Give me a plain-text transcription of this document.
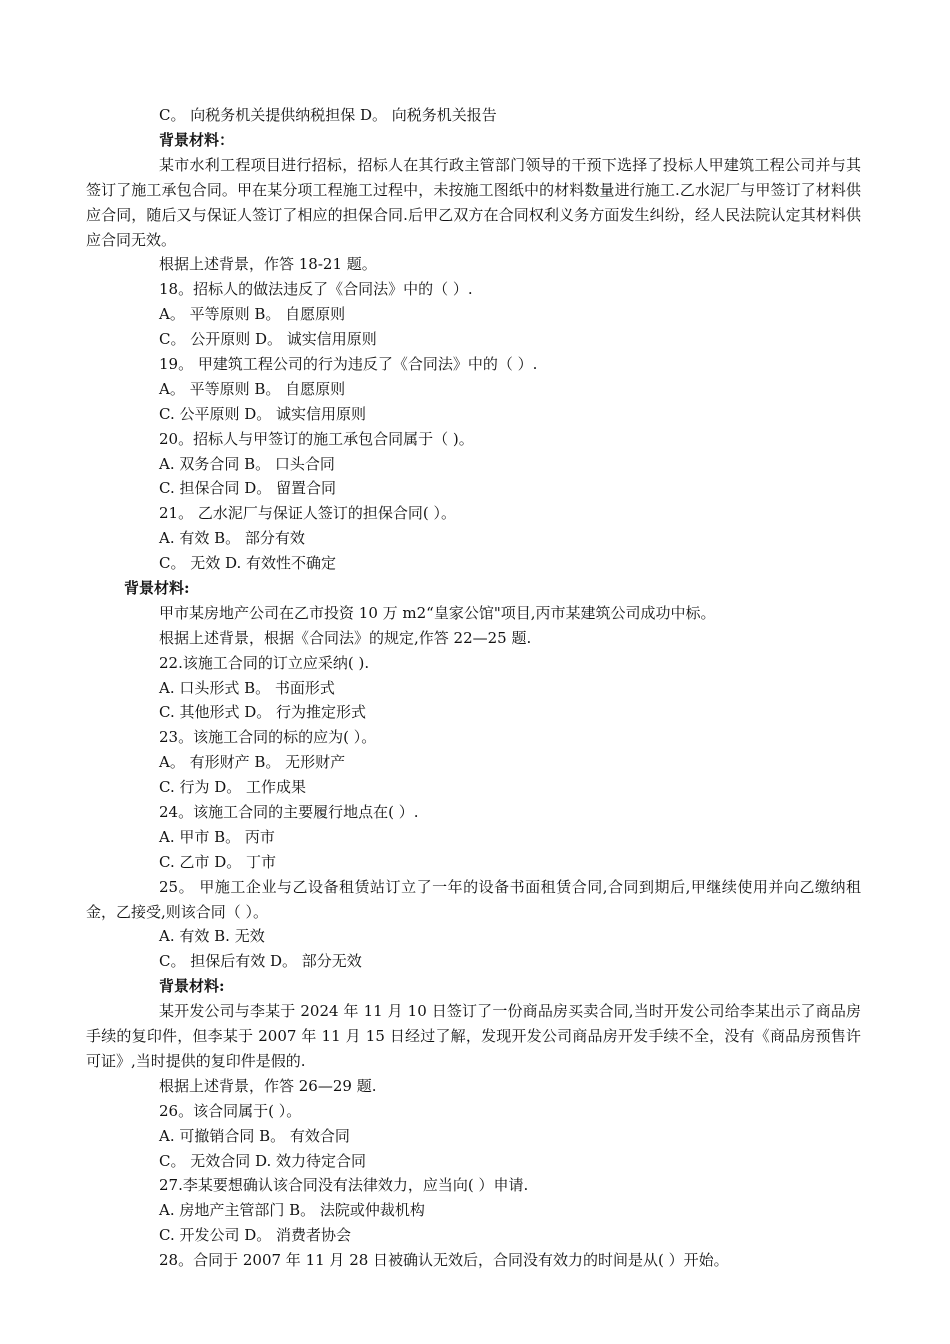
C。 向税务机关提供纳税担保 D。 向税务机关报告
背景材料：
某市水利工程项目进行招标，招标人在其行政主管部门领导的干预下选择了投标人甲建筑工程公司并与其签订了施工承包合同。甲在某分项工程施工过程中，未按施工图纸中的材料数量进行施工.乙水泥厂与甲签订了材料供应合同，随后又与保证人签订了相应的担保合同.后甲乙双方在合同权利义务方面发生纠纷，经人民法院认定其材料供应合同无效。
根据上述背景，作答 18-21 题。
18。招标人的做法违反了《合同法》中的（ ）.
A。 平等原则 B。 自愿原则
C。 公开原则 D。 诚实信用原则
19。 甲建筑工程公司的行为违反了《合同法》中的（ ）.
A。 平等原则 B。 自愿原则
C. 公平原则 D。 诚实信用原则
20。招标人与甲签订的施工承包合同属于（ )。
A. 双务合同 B。 口头合同
C. 担保合同 D。 留置合同
21。 乙水泥厂与保证人签订的担保合同( ）。
A. 有效 B。 部分有效
C。 无效 D. 有效性不确定
背景材料:
甲市某房地产公司在乙市投资 10 万 m2“皇家公馆"项目,丙市某建筑公司成功中标。
根据上述背景，根据《合同法》的规定,作答 22—25 题.
22.该施工合同的订立应采纳( ).
A. 口头形式 B。 书面形式
C. 其他形式 D。 行为推定形式
23。该施工合同的标的应为( ）。
A。 有形财产 B。 无形财产
C. 行为 D。 工作成果
24。该施工合同的主要履行地点在( ）.
A. 甲市 B。 丙市
C. 乙市 D。 丁市
25。 甲施工企业与乙设备租赁站订立了一年的设备书面租赁合同,合同到期后,甲继续使用并向乙缴纳租金，乙接受,则该合同（ ）。
A. 有效 B. 无效
C。 担保后有效 D。 部分无效
背景材料:
某开发公司与李某于 2024 年 11 月 10 日签订了一份商品房买卖合同,当时开发公司给李某出示了商品房手续的复印件，但李某于 2007 年 11 月 15 日经过了解，发现开发公司商品房开发手续不全，没有《商品房预售许可证》,当时提供的复印件是假的.
根据上述背景，作答 26—29 题.
26。该合同属于( ）。
A. 可撤销合同 B。 有效合同
C。 无效合同 D. 效力待定合同
27.李某要想确认该合同没有法律效力，应当向( ）申请.
A. 房地产主管部门 B。 法院或仲裁机构
C. 开发公司 D。 消费者协会
28。合同于 2007 年 11 月 28 日被确认无效后，合同没有效力的时间是从( ）开始。
